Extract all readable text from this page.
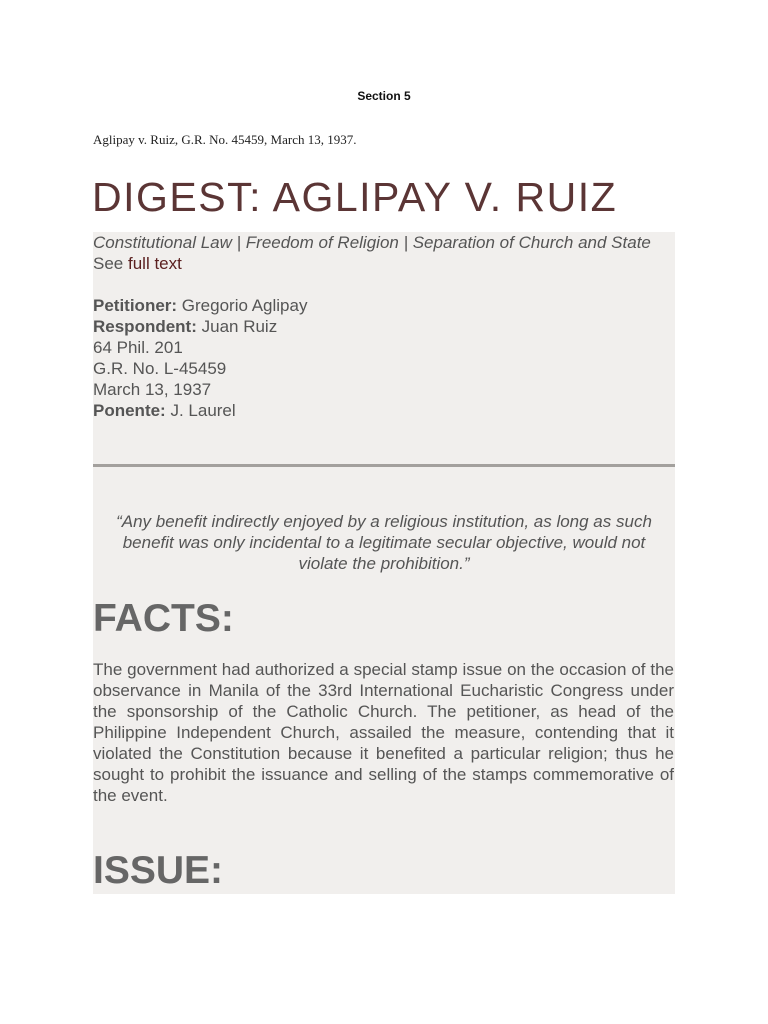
Section 5
Aglipay v. Ruiz, G.R. No. 45459, March 13, 1937.
DIGEST: AGLIPAY V. RUIZ
Constitutional Law | Freedom of Religion | Separation of Church and State
See full text
Petitioner: Gregorio Aglipay
Respondent: Juan Ruiz
64 Phil. 201
G.R. No. L-45459
March 13, 1937
Ponente: J. Laurel
“Any benefit indirectly enjoyed by a religious institution, as long as such benefit was only incidental to a legitimate secular objective, would not violate the prohibition.”
FACTS:
The government had authorized a special stamp issue on the occasion of the observance in Manila of the 33rd International Eucharistic Congress under the sponsorship of the Catholic Church. The petitioner, as head of the Philippine Independent Church, assailed the measure, contending that it violated the Constitution because it benefited a particular religion; thus he sought to prohibit the issuance and selling of the stamps commemorative of the event.
ISSUE:
